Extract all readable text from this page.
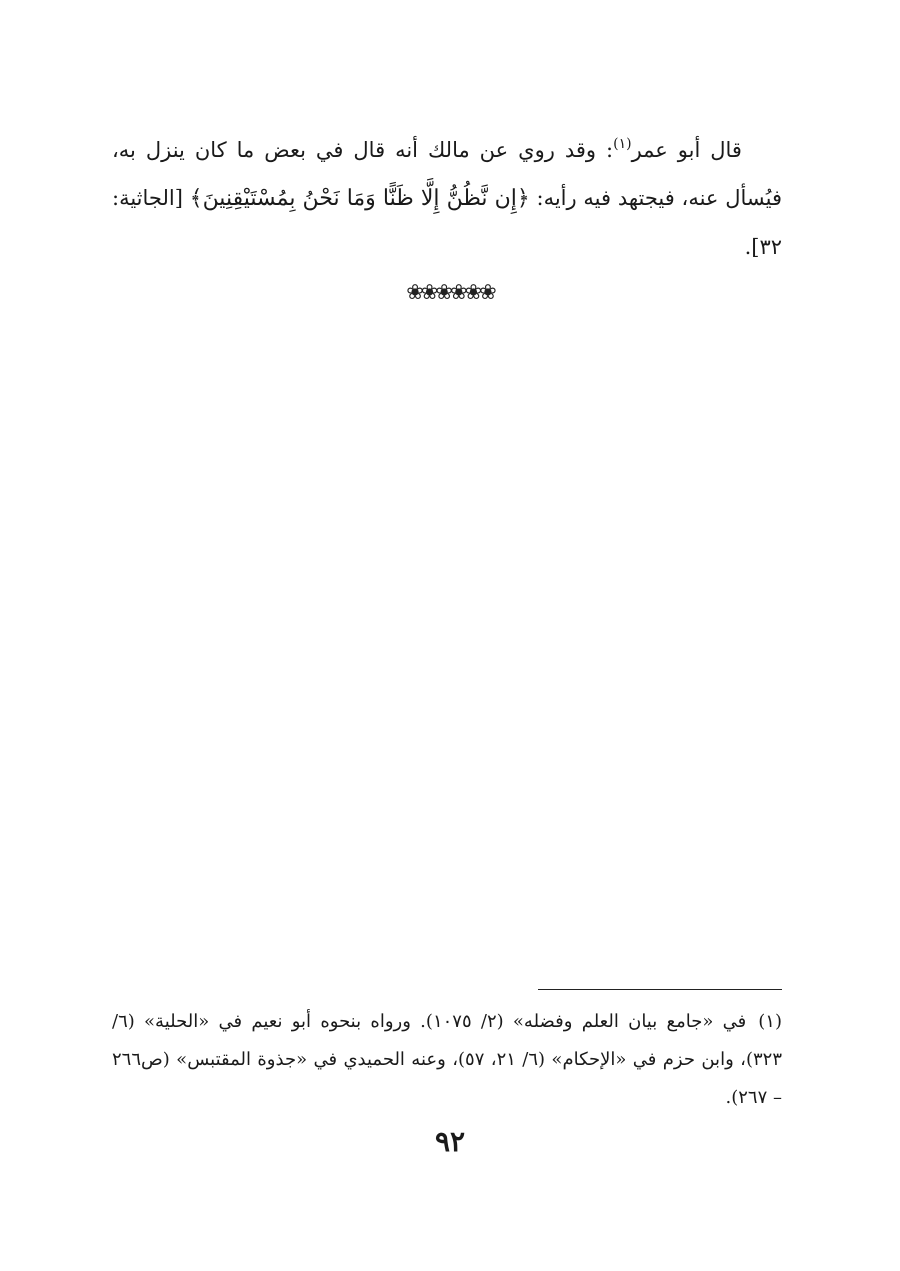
قال أبو عمر$^{(١)}$: وقد روي عن مالك أنه قال في بعض ما كان ينزل به، فيُسأل عنه، فيجتهد فيه رأيه: ﴿إِن نَّظُنُّ إِلَّا ظَنًّا وَمَا نَحْنُ بِمُسْتَيْقِنِينَ﴾ [الجاثية: ٣٢].

❀❀❀❀❀❀

(١)في «جامع بيان العلم وفضله» (٢/ ١٠٧٥). ورواه بنحوه أبو نعيم في «الحلية» (٦/ ٣٢٣)، وابن حزم في «الإحكام» (٦/ ٢١، ٥٧)، وعنه الحميدي في «جذوة المقتبس» (ص٢٦٦ – ٢٦٧).

٩٢
